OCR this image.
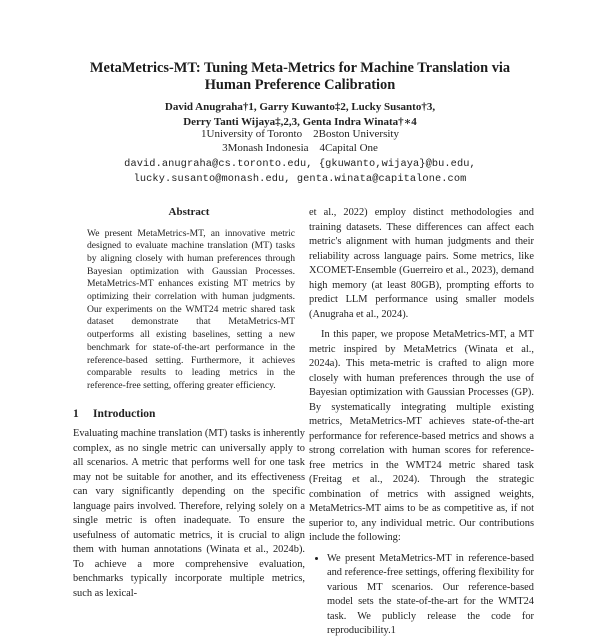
MetaMetrics-MT: Tuning Meta-Metrics for Machine Translation via
Human Preference Calibration
David Anugraha†1, Garry Kuwanto‡2, Lucky Susanto†3,
Derry Tanti Wijaya‡,2,3, Genta Indra Winata†∗4
1University of Toronto    2Boston University
3Monash Indonesia    4Capital One
david.anugraha@cs.toronto.edu, {gkuwanto,wijaya}@bu.edu,
lucky.susanto@monash.edu, genta.winata@capitalone.com
Abstract

We present MetaMetrics-MT, an innovative metric designed to evaluate machine translation (MT) tasks by aligning closely with human preferences through Bayesian optimization with Gaussian Processes. MetaMetrics-MT enhances existing MT metrics by optimizing their correlation with human judgments. Our experiments on the WMT24 metric shared task dataset demonstrate that MetaMetrics-MT outperforms all existing baselines, setting a new benchmark for state-of-the-art performance in the reference-based setting. Furthermore, it achieves comparable results to leading metrics in the reference-free setting, offering greater efficiency.

1 Introduction

Evaluating machine translation (MT) tasks is inherently complex, as no single metric can universally apply to all scenarios. A metric that performs well for one task may not be suitable for another, and its effectiveness can vary significantly depending on the specific language pairs involved. Therefore, relying solely on a single metric is often inadequate. To ensure the usefulness of automatic metrics, it is crucial to align them with human annotations (Winata et al., 2024b). To achieve a more comprehensive evaluation, benchmarks typically incorporate multiple metrics, such as lexical-

et al., 2022) employ distinct methodologies and training datasets. These differences can affect each metric's alignment with human judgments and their reliability across language pairs. Some metrics, like XCOMET-Ensemble (Guerreiro et al., 2023), demand high memory (at least 80GB), prompting efforts to predict LLM performance using smaller models (Anugraha et al., 2024).

In this paper, we propose MetaMetrics-MT, a MT metric inspired by MetaMetrics (Winata et al., 2024a). This meta-metric is crafted to align more closely with human preferences through the use of Bayesian optimization with Gaussian Processes (GP). By systematically integrating multiple existing metrics, MetaMetrics-MT achieves state-of-the-art performance for reference-based metrics and shows a strong correlation with human scores for reference-free metrics in the WMT24 metric shared task (Freitag et al., 2024). Through the strategic combination of metrics with assigned weights, MetaMetrics-MT aims to be as competitive as, if not superior to, any individual metric. Our contributions include the following:

• We present MetaMetrics-MT in reference-based and reference-free settings, offering flexibility for various MT scenarios. Our reference-based model sets the state-of-the-art for the WMT24 task. We publicly release the code for reproducibility.1
